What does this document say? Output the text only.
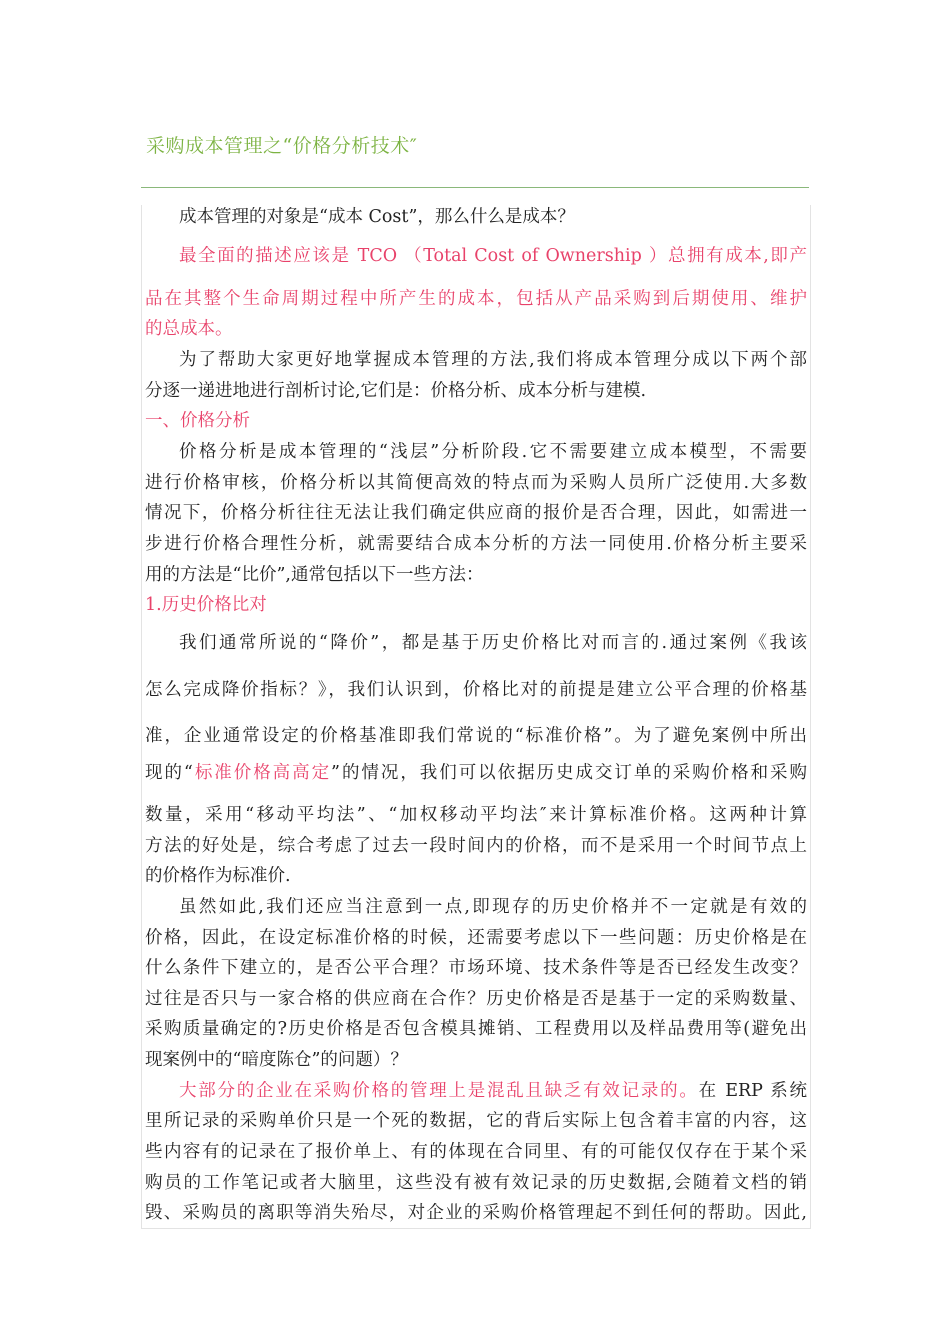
采购成本管理之“价格分析技术″
成本管理的对象是“成本 Cost”，那么什么是成本？
最全面的描述应该是 TCO （Total Cost of Ownership ）总拥有成本,即产
品在其整个生命周期过程中所产生的成本，包括从产品采购到后期使用、维护
的总成本。
为了帮助大家更好地掌握成本管理的方法,我们将成本管理分成以下两个部
分逐一递进地进行剖析讨论,它们是：价格分析、成本分析与建模.
一、价格分析
价格分析是成本管理的“浅层”分析阶段.它不需要建立成本模型，不需要
进行价格审核，价格分析以其简便高效的特点而为采购人员所广泛使用.大多数
情况下，价格分析往往无法让我们确定供应商的报价是否合理，因此，如需进一
步进行价格合理性分析，就需要结合成本分析的方法一同使用.价格分析主要采
用的方法是“比价”,通常包括以下一些方法：
1.历史价格比对
我们通常所说的“降价”，都是基于历史价格比对而言的.通过案例《我该
怎么完成降价指标？》，我们认识到，价格比对的前提是建立公平合理的价格基
准，企业通常设定的价格基准即我们常说的“标准价格”。为了避免案例中所出
现的“标准价格高高定”的情况，我们可以依据历史成交订单的采购价格和采购
数量，采用“移动平均法”、“加权移动平均法″来计算标准价格。这两种计算
方法的好处是，综合考虑了过去一段时间内的价格，而不是采用一个时间节点上
的价格作为标准价.
虽然如此,我们还应当注意到一点,即现存的历史价格并不一定就是有效的
价格，因此，在设定标准价格的时候，还需要考虑以下一些问题：历史价格是在
什么条件下建立的，是否公平合理？市场环境、技术条件等是否已经发生改变？
过往是否只与一家合格的供应商在合作？历史价格是否是基于一定的采购数量、
采购质量确定的?历史价格是否包含模具摊销、工程费用以及样品费用等(避免出
现案例中的“暗度陈仓”的问题）？
大部分的企业在采购价格的管理上是混乱且缺乏有效记录的。在 ERP 系统
里所记录的采购单价只是一个死的数据，它的背后实际上包含着丰富的内容，这
些内容有的记录在了报价单上、有的体现在合同里、有的可能仅仅存在于某个采
购员的工作笔记或者大脑里，这些没有被有效记录的历史数据,会随着文档的销
毁、采购员的离职等消失殆尽，对企业的采购价格管理起不到任何的帮助。因此,
